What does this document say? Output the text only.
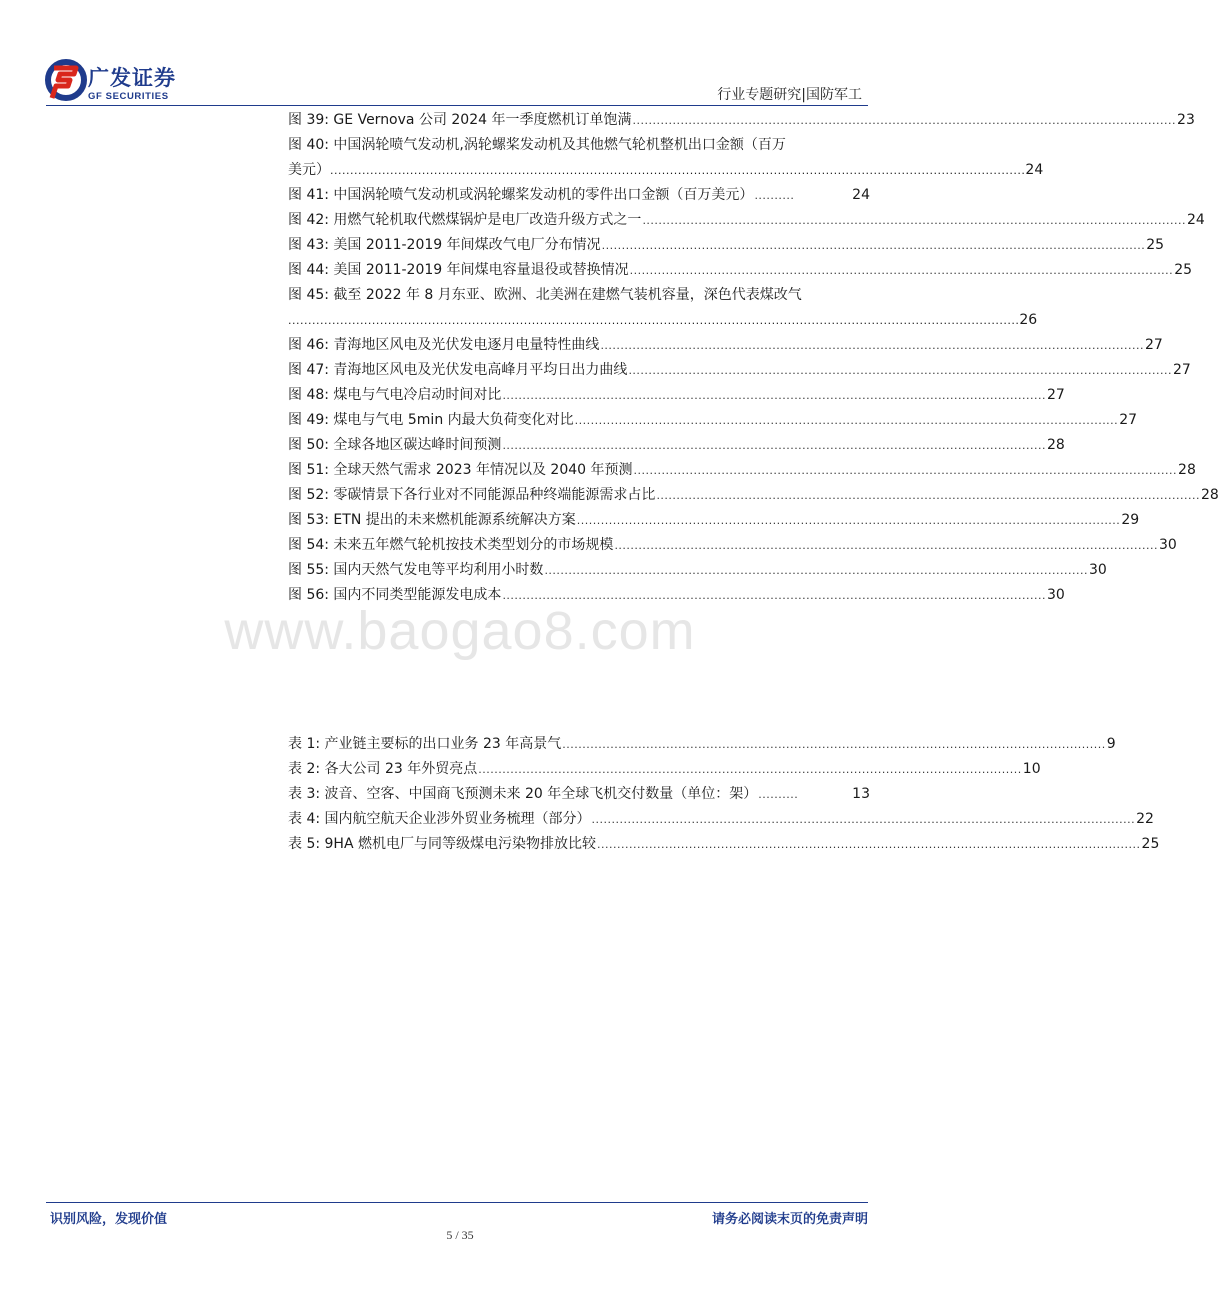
广发证券
GF SECURITIES	行业专题研究|国防军工
图 39: GE Vernova 公司 2024 年一季度燃机订单饱满 ........................................................................................................................................ 23
图 40: 中国涡轮喷气发动机,涡轮螺桨发动机及其他燃气轮机整机出口金额（百万
美元） .............................................................................................................................................................................. 24
图 41: 中国涡轮喷气发动机或涡轮螺桨发动机的零件出口金额（百万美元） ..........	24
图 42: 用燃气轮机取代燃煤锅炉是电厂改造升级方式之一 ........................................................................................................................................ 24
图 43: 美国 2011-2019 年间煤改气电厂分布情况 ........................................................................................................................................ 25
图 44: 美国 2011-2019 年间煤电容量退役或替换情况 ........................................................................................................................................ 25
图 45: 截至 2022 年 8 月东亚、欧洲、北美洲在建燃气装机容量，深色代表煤改气
....................................................................................................................................................................................... 26
图 46: 青海地区风电及光伏发电逐月电量特性曲线 ........................................................................................................................................ 27
图 47: 青海地区风电及光伏发电高峰月平均日出力曲线 ........................................................................................................................................ 27
图 48: 煤电与气电冷启动时间对比 ........................................................................................................................................ 27
图 49: 煤电与气电 5min 内最大负荷变化对比 ........................................................................................................................................ 27
图 50: 全球各地区碳达峰时间预测 ........................................................................................................................................ 28
图 51: 全球天然气需求 2023 年情况以及 2040 年预测 ........................................................................................................................................ 28
图 52: 零碳情景下各行业对不同能源品种终端能源需求占比 ........................................................................................................................................ 28
图 53: ETN 提出的未来燃机能源系统解决方案 ........................................................................................................................................ 29
图 54: 未来五年燃气轮机按技术类型划分的市场规模 ........................................................................................................................................ 30
图 55: 国内天然气发电等平均利用小时数 ........................................................................................................................................ 30
图 56: 国内不同类型能源发电成本 ........................................................................................................................................ 30
www.baogao8.com
表 1: 产业链主要标的出口业务 23 年高景气 ........................................................................................................................................ 9
表 2: 各大公司 23 年外贸亮点 ........................................................................................................................................ 10
表 3: 波音、空客、中国商飞预测未来 20 年全球飞机交付数量（单位：架） ..........	13
表 4: 国内航空航天企业涉外贸业务梳理（部分） ........................................................................................................................................ 22
表 5: 9HA 燃机电厂与同等级煤电污染物排放比较 ........................................................................................................................................ 25
识别风险，发现价值	请务必阅读末页的免责声明
5 / 35
